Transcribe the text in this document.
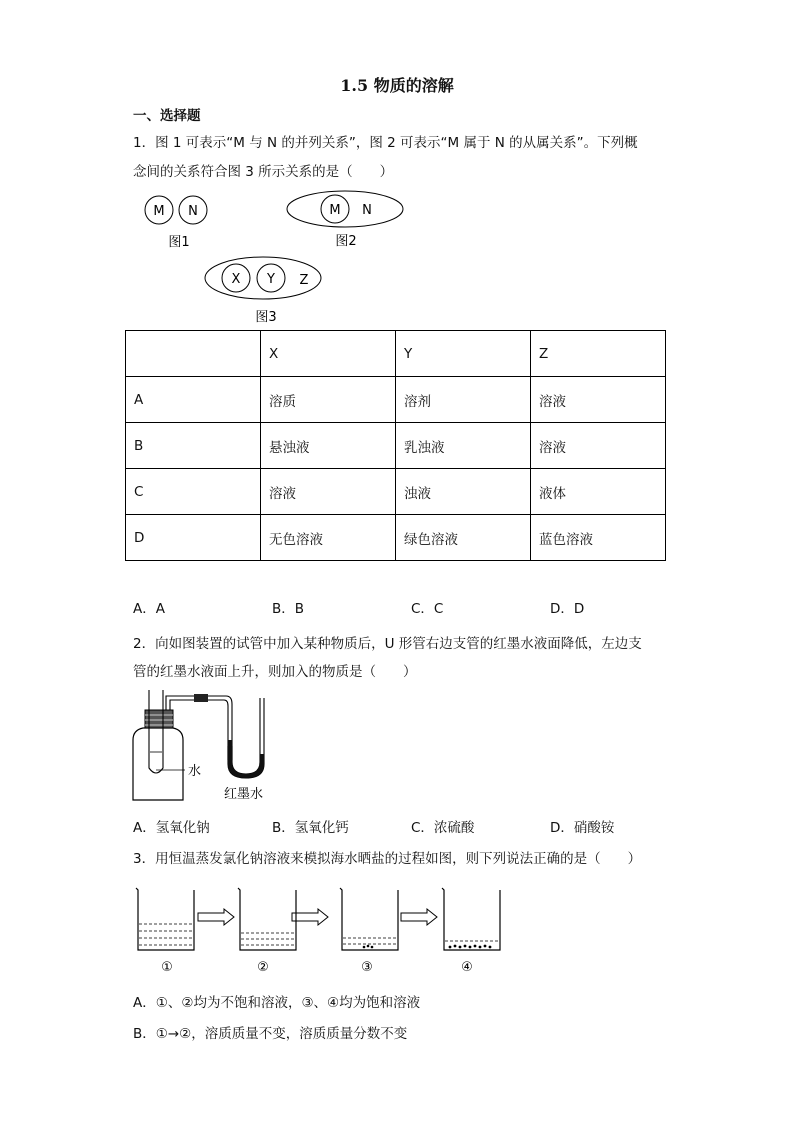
1.5 物质的溶解
一、选择题
1．图 1 可表示“M 与 N 的并列关系”，图 2 可表示“M 属于 N 的从属关系”。下列概
念间的关系符合图 3 所示关系的是（　　）
M N
图1
M N
图2
X Y Z
图3
	X	Y	Z
A	溶质	溶剂	溶液
B	悬浊液	乳浊液	溶液
C	溶液	浊液	液体
D	无色溶液	绿色溶液	蓝色溶液
A．A	B．B	C．C	D．D
2．向如图装置的试管中加入某种物质后，U 形管右边支管的红墨水液面降低，左边支
管的红墨水液面上升，则加入的物质是（　　）
水
红墨水
A．氢氧化钠	B．氢氧化钙	C．浓硫酸	D．硝酸铵
3．用恒温蒸发氯化钠溶液来模拟海水晒盐的过程如图，则下列说法正确的是（　　）
①	②	③	④
A．①、②均为不饱和溶液，③、④均为饱和溶液
B．①→②，溶质质量不变，溶质质量分数不变
